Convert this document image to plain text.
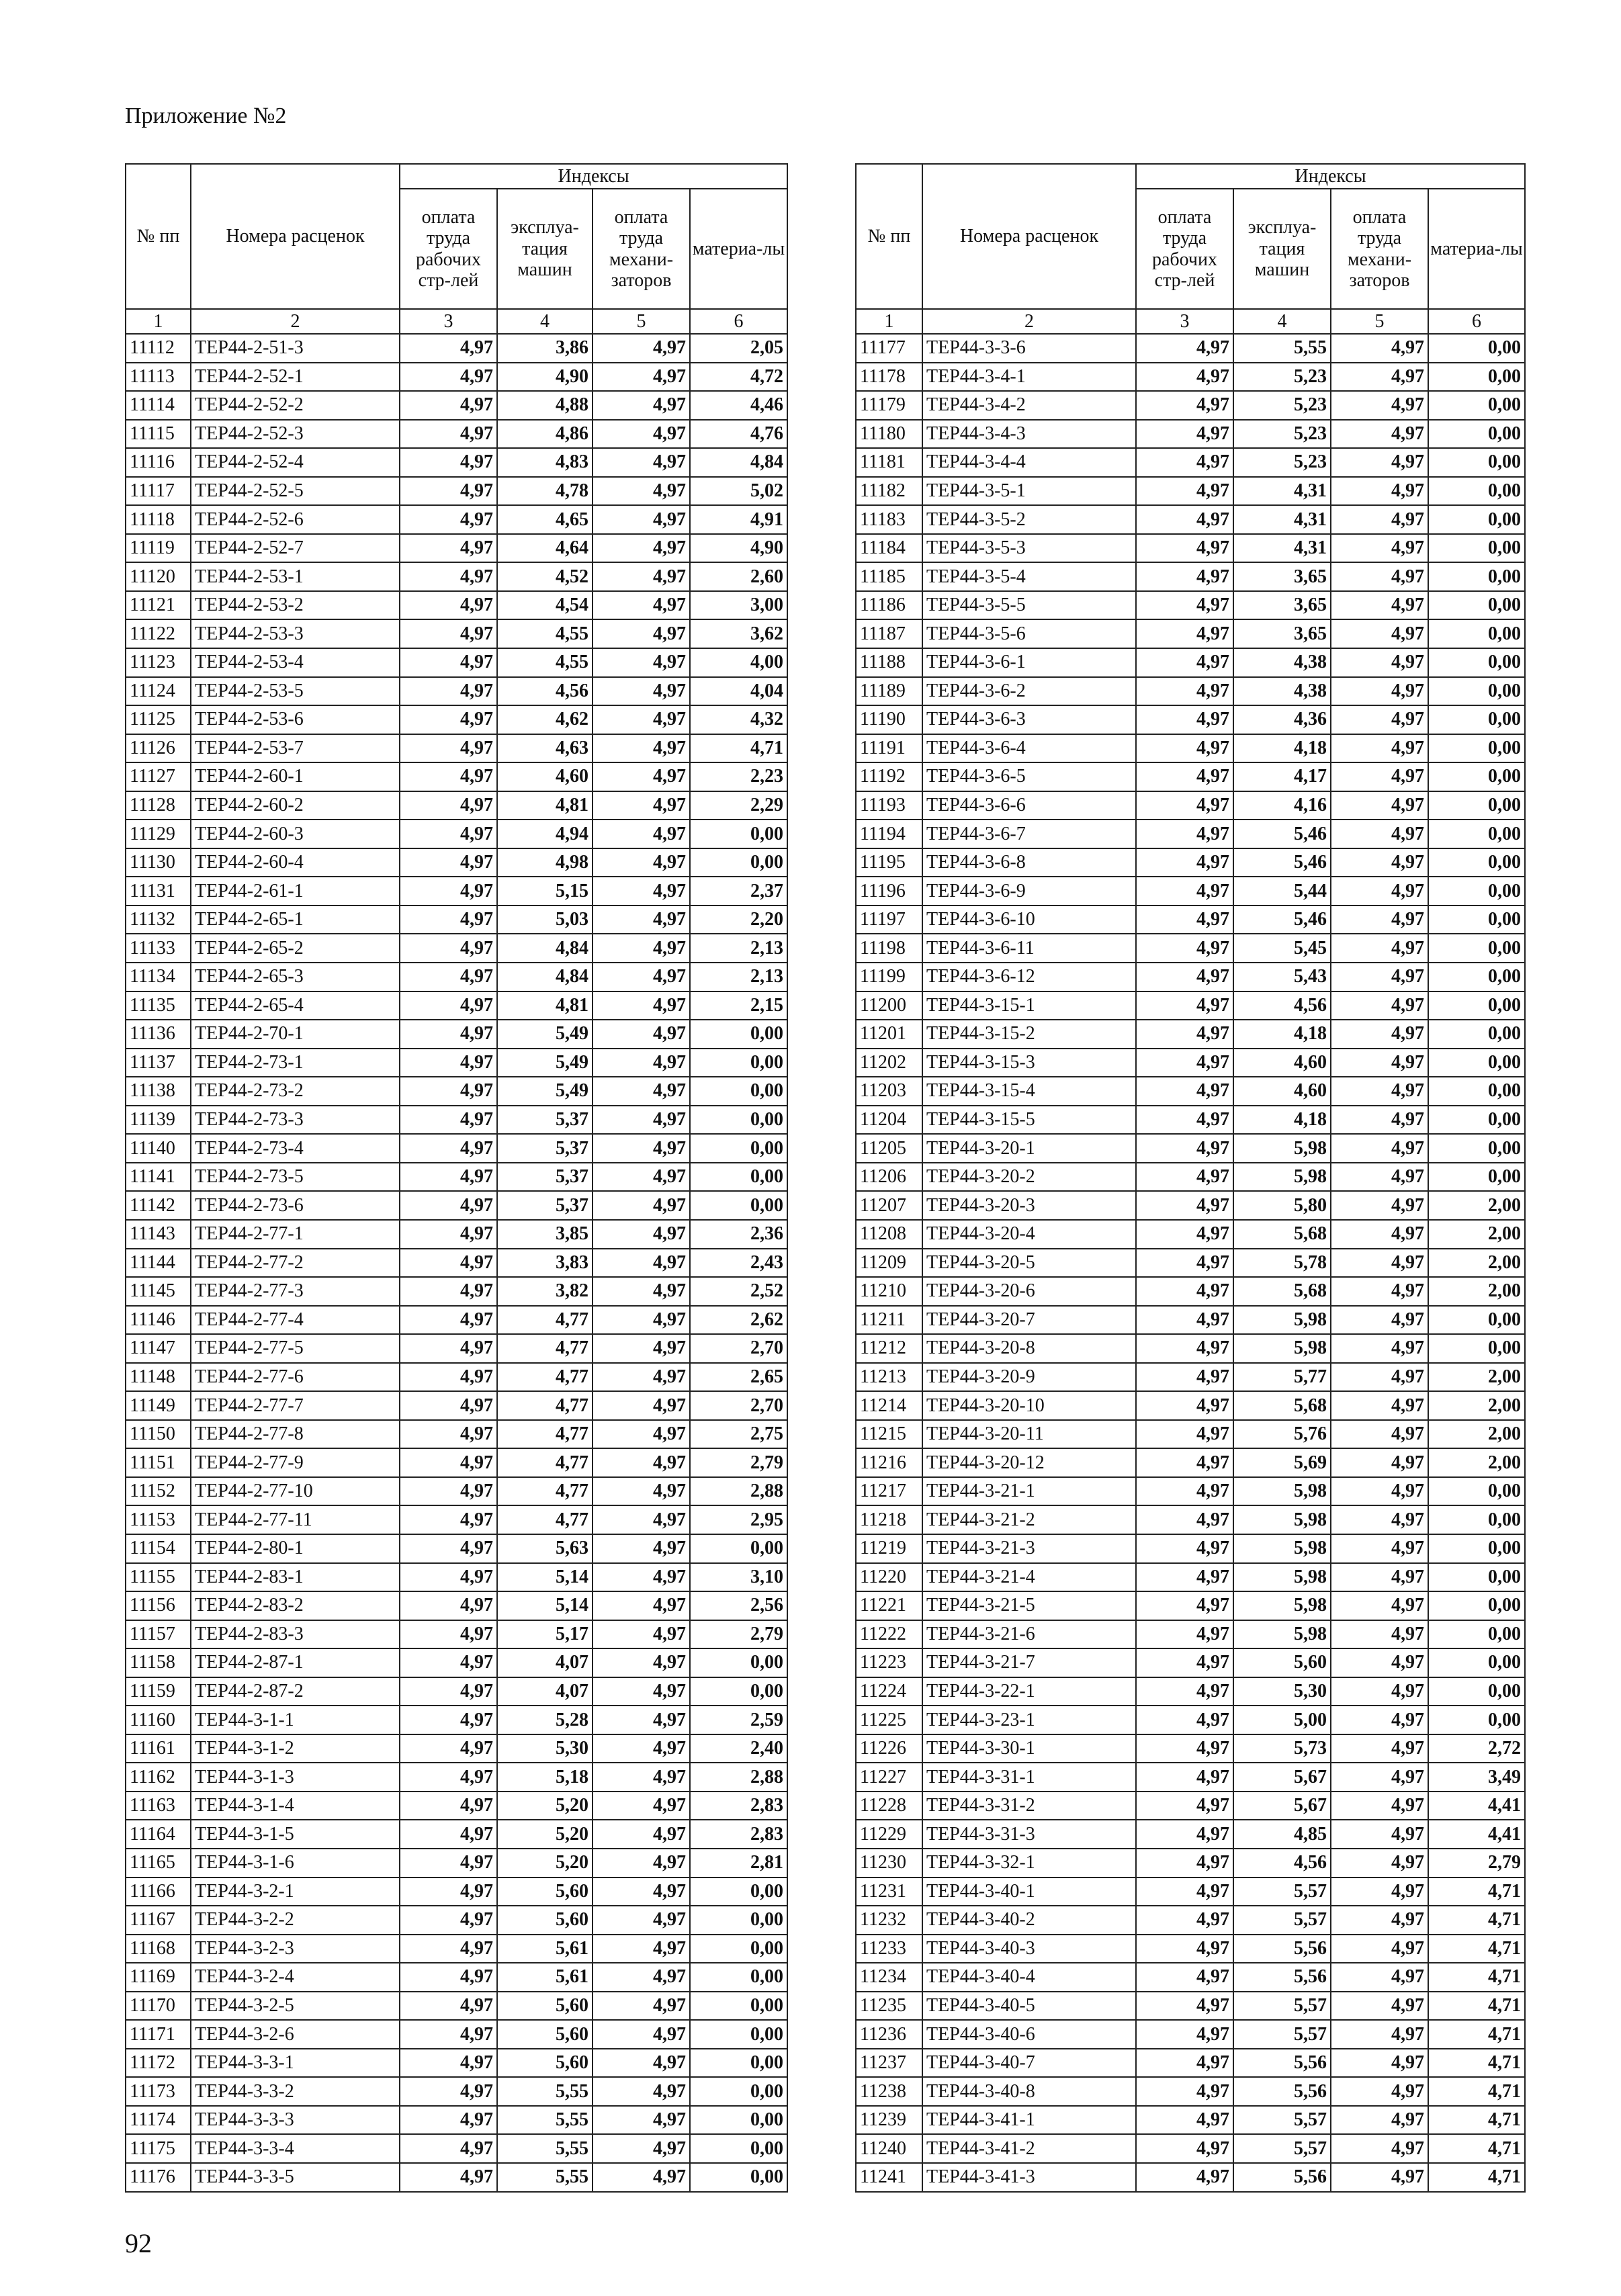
Приложение №2
№ пп	Номера расценок	Индексы			
		оплата труда рабочих стр-лей	эксплуа-тация машин	оплата труда механи-заторов	материа-лы
1	2	3	4	5	6
11112	ТЕР44-2-51-3	4,97	3,86	4,97	2,05
11113	ТЕР44-2-52-1	4,97	4,90	4,97	4,72
11114	ТЕР44-2-52-2	4,97	4,88	4,97	4,46
11115	ТЕР44-2-52-3	4,97	4,86	4,97	4,76
11116	ТЕР44-2-52-4	4,97	4,83	4,97	4,84
11117	ТЕР44-2-52-5	4,97	4,78	4,97	5,02
11118	ТЕР44-2-52-6	4,97	4,65	4,97	4,91
11119	ТЕР44-2-52-7	4,97	4,64	4,97	4,90
11120	ТЕР44-2-53-1	4,97	4,52	4,97	2,60
11121	ТЕР44-2-53-2	4,97	4,54	4,97	3,00
11122	ТЕР44-2-53-3	4,97	4,55	4,97	3,62
11123	ТЕР44-2-53-4	4,97	4,55	4,97	4,00
11124	ТЕР44-2-53-5	4,97	4,56	4,97	4,04
11125	ТЕР44-2-53-6	4,97	4,62	4,97	4,32
11126	ТЕР44-2-53-7	4,97	4,63	4,97	4,71
11127	ТЕР44-2-60-1	4,97	4,60	4,97	2,23
11128	ТЕР44-2-60-2	4,97	4,81	4,97	2,29
11129	ТЕР44-2-60-3	4,97	4,94	4,97	0,00
11130	ТЕР44-2-60-4	4,97	4,98	4,97	0,00
11131	ТЕР44-2-61-1	4,97	5,15	4,97	2,37
11132	ТЕР44-2-65-1	4,97	5,03	4,97	2,20
11133	ТЕР44-2-65-2	4,97	4,84	4,97	2,13
11134	ТЕР44-2-65-3	4,97	4,84	4,97	2,13
11135	ТЕР44-2-65-4	4,97	4,81	4,97	2,15
11136	ТЕР44-2-70-1	4,97	5,49	4,97	0,00
11137	ТЕР44-2-73-1	4,97	5,49	4,97	0,00
11138	ТЕР44-2-73-2	4,97	5,49	4,97	0,00
11139	ТЕР44-2-73-3	4,97	5,37	4,97	0,00
11140	ТЕР44-2-73-4	4,97	5,37	4,97	0,00
11141	ТЕР44-2-73-5	4,97	5,37	4,97	0,00
11142	ТЕР44-2-73-6	4,97	5,37	4,97	0,00
11143	ТЕР44-2-77-1	4,97	3,85	4,97	2,36
11144	ТЕР44-2-77-2	4,97	3,83	4,97	2,43
11145	ТЕР44-2-77-3	4,97	3,82	4,97	2,52
11146	ТЕР44-2-77-4	4,97	4,77	4,97	2,62
11147	ТЕР44-2-77-5	4,97	4,77	4,97	2,70
11148	ТЕР44-2-77-6	4,97	4,77	4,97	2,65
11149	ТЕР44-2-77-7	4,97	4,77	4,97	2,70
11150	ТЕР44-2-77-8	4,97	4,77	4,97	2,75
11151	ТЕР44-2-77-9	4,97	4,77	4,97	2,79
11152	ТЕР44-2-77-10	4,97	4,77	4,97	2,88
11153	ТЕР44-2-77-11	4,97	4,77	4,97	2,95
11154	ТЕР44-2-80-1	4,97	5,63	4,97	0,00
11155	ТЕР44-2-83-1	4,97	5,14	4,97	3,10
11156	ТЕР44-2-83-2	4,97	5,14	4,97	2,56
11157	ТЕР44-2-83-3	4,97	5,17	4,97	2,79
11158	ТЕР44-2-87-1	4,97	4,07	4,97	0,00
11159	ТЕР44-2-87-2	4,97	4,07	4,97	0,00
11160	ТЕР44-3-1-1	4,97	5,28	4,97	2,59
11161	ТЕР44-3-1-2	4,97	5,30	4,97	2,40
11162	ТЕР44-3-1-3	4,97	5,18	4,97	2,88
11163	ТЕР44-3-1-4	4,97	5,20	4,97	2,83
11164	ТЕР44-3-1-5	4,97	5,20	4,97	2,83
11165	ТЕР44-3-1-6	4,97	5,20	4,97	2,81
11166	ТЕР44-3-2-1	4,97	5,60	4,97	0,00
11167	ТЕР44-3-2-2	4,97	5,60	4,97	0,00
11168	ТЕР44-3-2-3	4,97	5,61	4,97	0,00
11169	ТЕР44-3-2-4	4,97	5,61	4,97	0,00
11170	ТЕР44-3-2-5	4,97	5,60	4,97	0,00
11171	ТЕР44-3-2-6	4,97	5,60	4,97	0,00
11172	ТЕР44-3-3-1	4,97	5,60	4,97	0,00
11173	ТЕР44-3-3-2	4,97	5,55	4,97	0,00
11174	ТЕР44-3-3-3	4,97	5,55	4,97	0,00
11175	ТЕР44-3-3-4	4,97	5,55	4,97	0,00
11176	ТЕР44-3-3-5	4,97	5,55	4,97	0,00
№ пп	Номера расценок	Индексы			
		оплата труда рабочих стр-лей	эксплуа-тация машин	оплата труда механи-заторов	материа-лы
1	2	3	4	5	6
11177	ТЕР44-3-3-6	4,97	5,55	4,97	0,00
11178	ТЕР44-3-4-1	4,97	5,23	4,97	0,00
11179	ТЕР44-3-4-2	4,97	5,23	4,97	0,00
11180	ТЕР44-3-4-3	4,97	5,23	4,97	0,00
11181	ТЕР44-3-4-4	4,97	5,23	4,97	0,00
11182	ТЕР44-3-5-1	4,97	4,31	4,97	0,00
11183	ТЕР44-3-5-2	4,97	4,31	4,97	0,00
11184	ТЕР44-3-5-3	4,97	4,31	4,97	0,00
11185	ТЕР44-3-5-4	4,97	3,65	4,97	0,00
11186	ТЕР44-3-5-5	4,97	3,65	4,97	0,00
11187	ТЕР44-3-5-6	4,97	3,65	4,97	0,00
11188	ТЕР44-3-6-1	4,97	4,38	4,97	0,00
11189	ТЕР44-3-6-2	4,97	4,38	4,97	0,00
11190	ТЕР44-3-6-3	4,97	4,36	4,97	0,00
11191	ТЕР44-3-6-4	4,97	4,18	4,97	0,00
11192	ТЕР44-3-6-5	4,97	4,17	4,97	0,00
11193	ТЕР44-3-6-6	4,97	4,16	4,97	0,00
11194	ТЕР44-3-6-7	4,97	5,46	4,97	0,00
11195	ТЕР44-3-6-8	4,97	5,46	4,97	0,00
11196	ТЕР44-3-6-9	4,97	5,44	4,97	0,00
11197	ТЕР44-3-6-10	4,97	5,46	4,97	0,00
11198	ТЕР44-3-6-11	4,97	5,45	4,97	0,00
11199	ТЕР44-3-6-12	4,97	5,43	4,97	0,00
11200	ТЕР44-3-15-1	4,97	4,56	4,97	0,00
11201	ТЕР44-3-15-2	4,97	4,18	4,97	0,00
11202	ТЕР44-3-15-3	4,97	4,60	4,97	0,00
11203	ТЕР44-3-15-4	4,97	4,60	4,97	0,00
11204	ТЕР44-3-15-5	4,97	4,18	4,97	0,00
11205	ТЕР44-3-20-1	4,97	5,98	4,97	0,00
11206	ТЕР44-3-20-2	4,97	5,98	4,97	0,00
11207	ТЕР44-3-20-3	4,97	5,80	4,97	2,00
11208	ТЕР44-3-20-4	4,97	5,68	4,97	2,00
11209	ТЕР44-3-20-5	4,97	5,78	4,97	2,00
11210	ТЕР44-3-20-6	4,97	5,68	4,97	2,00
11211	ТЕР44-3-20-7	4,97	5,98	4,97	0,00
11212	ТЕР44-3-20-8	4,97	5,98	4,97	0,00
11213	ТЕР44-3-20-9	4,97	5,77	4,97	2,00
11214	ТЕР44-3-20-10	4,97	5,68	4,97	2,00
11215	ТЕР44-3-20-11	4,97	5,76	4,97	2,00
11216	ТЕР44-3-20-12	4,97	5,69	4,97	2,00
11217	ТЕР44-3-21-1	4,97	5,98	4,97	0,00
11218	ТЕР44-3-21-2	4,97	5,98	4,97	0,00
11219	ТЕР44-3-21-3	4,97	5,98	4,97	0,00
11220	ТЕР44-3-21-4	4,97	5,98	4,97	0,00
11221	ТЕР44-3-21-5	4,97	5,98	4,97	0,00
11222	ТЕР44-3-21-6	4,97	5,98	4,97	0,00
11223	ТЕР44-3-21-7	4,97	5,60	4,97	0,00
11224	ТЕР44-3-22-1	4,97	5,30	4,97	0,00
11225	ТЕР44-3-23-1	4,97	5,00	4,97	0,00
11226	ТЕР44-3-30-1	4,97	5,73	4,97	2,72
11227	ТЕР44-3-31-1	4,97	5,67	4,97	3,49
11228	ТЕР44-3-31-2	4,97	5,67	4,97	4,41
11229	ТЕР44-3-31-3	4,97	4,85	4,97	4,41
11230	ТЕР44-3-32-1	4,97	4,56	4,97	2,79
11231	ТЕР44-3-40-1	4,97	5,57	4,97	4,71
11232	ТЕР44-3-40-2	4,97	5,57	4,97	4,71
11233	ТЕР44-3-40-3	4,97	5,56	4,97	4,71
11234	ТЕР44-3-40-4	4,97	5,56	4,97	4,71
11235	ТЕР44-3-40-5	4,97	5,57	4,97	4,71
11236	ТЕР44-3-40-6	4,97	5,57	4,97	4,71
11237	ТЕР44-3-40-7	4,97	5,56	4,97	4,71
11238	ТЕР44-3-40-8	4,97	5,56	4,97	4,71
11239	ТЕР44-3-41-1	4,97	5,57	4,97	4,71
11240	ТЕР44-3-41-2	4,97	5,57	4,97	4,71
11241	ТЕР44-3-41-3	4,97	5,56	4,97	4,71
92
